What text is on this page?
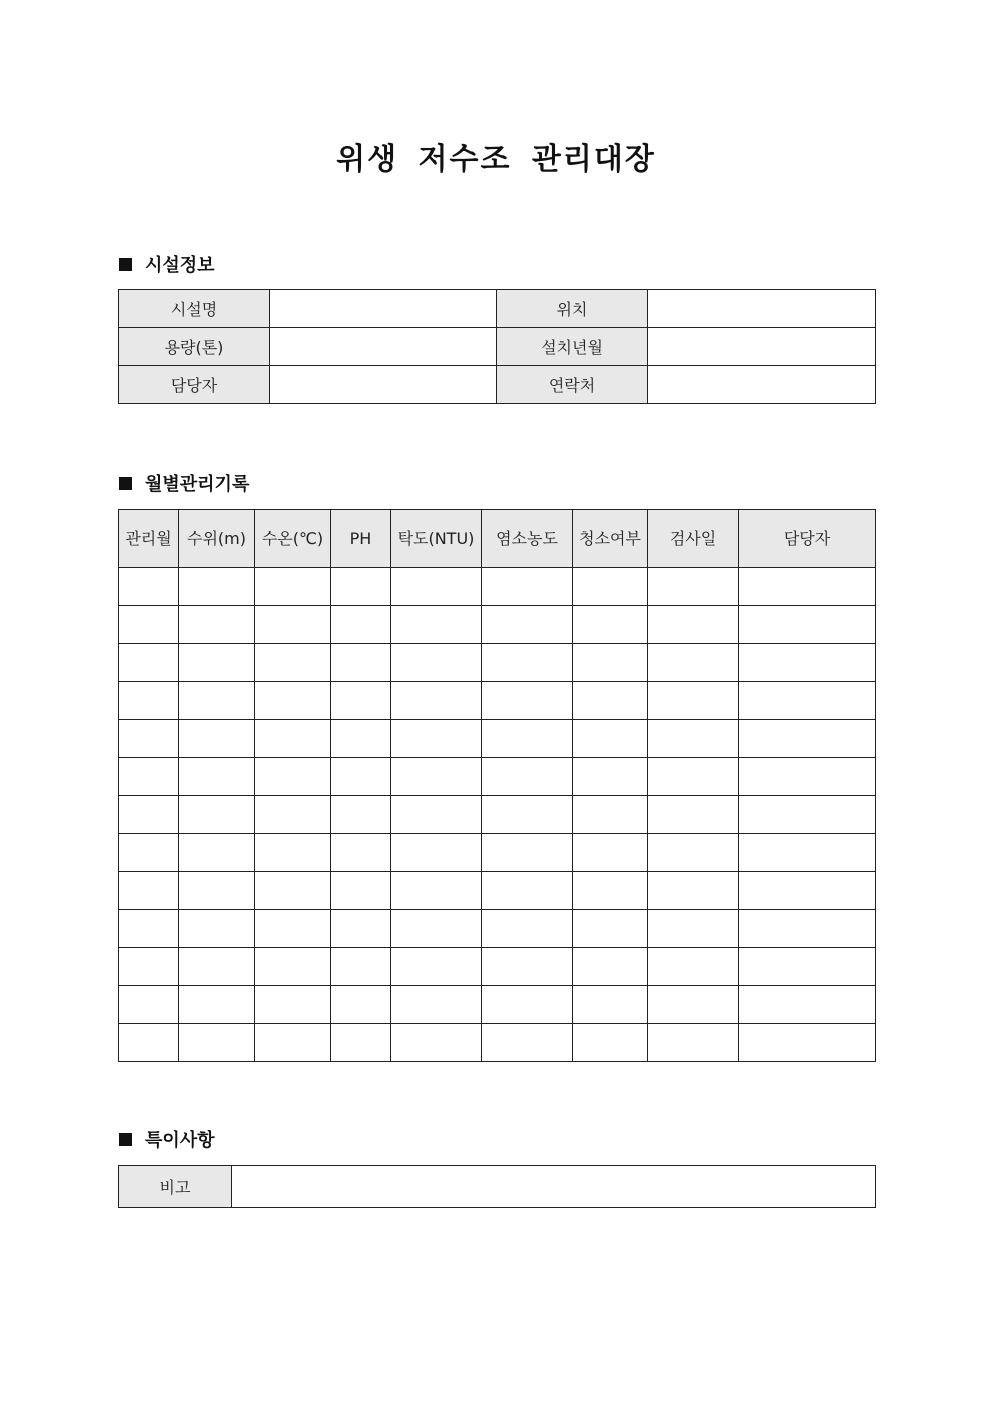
위생 저수조 관리대장
시설정보
시설명		위치	
용량(톤)		설치년월	
담당자		연락처	
월별관리기록
관리월	수위(m)	수온(℃)	PH	탁도(NTU)	염소농도	청소여부	검사일	담당자

특이사항
비고	
